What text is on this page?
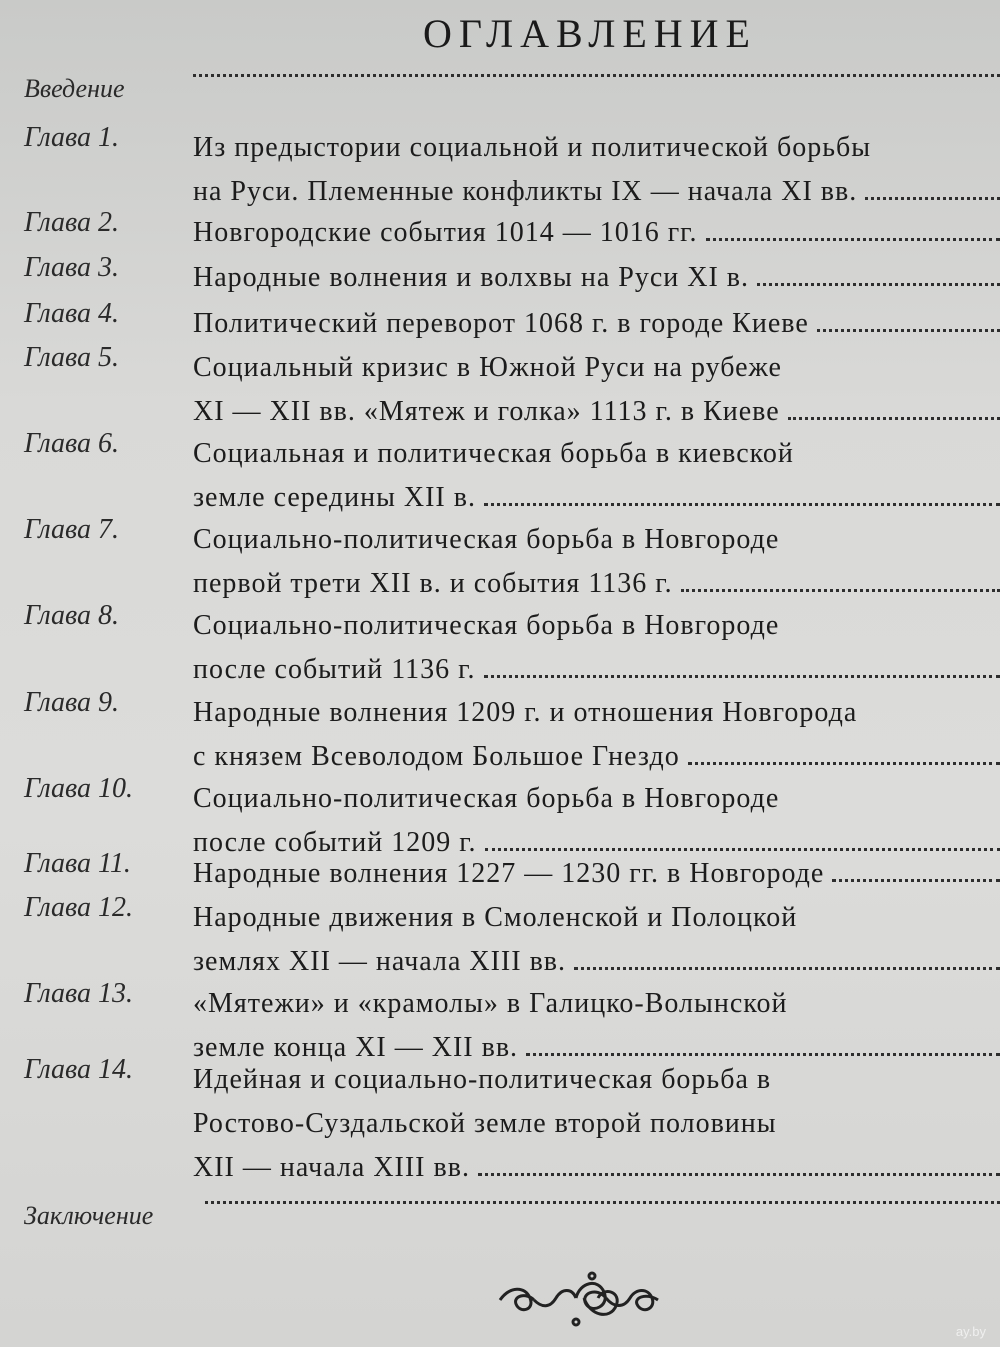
ОГЛАВЛЕНИЕ
Введение
Глава 1.	Из предыстории социальной и политической борьбы
на Руси. Племенные конфликты IX — начала XI вв.
Глава 2.	Новгородские события 1014 — 1016 гг.
Глава 3.	Народные волнения и волхвы на Руси XI в.
Глава 4.	Политический переворот 1068 г. в городе Киеве
Глава 5.	Социальный кризис в Южной Руси на рубеже
XI — XII вв. «Мятеж и голка» 1113 г. в Киеве
Глава 6.	Социальная и политическая борьба в киевской
земле середины XII в.
Глава 7.	Социально-политическая борьба в Новгороде
первой трети XII в. и события 1136 г.
Глава 8.	Социально-политическая борьба в Новгороде
после событий 1136 г.
Глава 9.	Народные волнения 1209 г. и отношения Новгорода
с князем Всеволодом Большое Гнездо
Глава 10. Социально-политическая борьба в Новгороде
после событий 1209 г.
Глава 11. Народные волнения 1227 — 1230 гг. в Новгороде
Глава 12. Народные движения в Смоленской и Полоцкой
землях XII — начала XIII вв.
Глава 13. «Мятежи» и «крамолы» в Галицко-Волынской
земле конца XI — XII вв.
Глава 14. Идейная и социально-политическая борьба в
Ростово-Суздальской земле второй половины
XII — начала XIII вв.
Заключение
ay.by
